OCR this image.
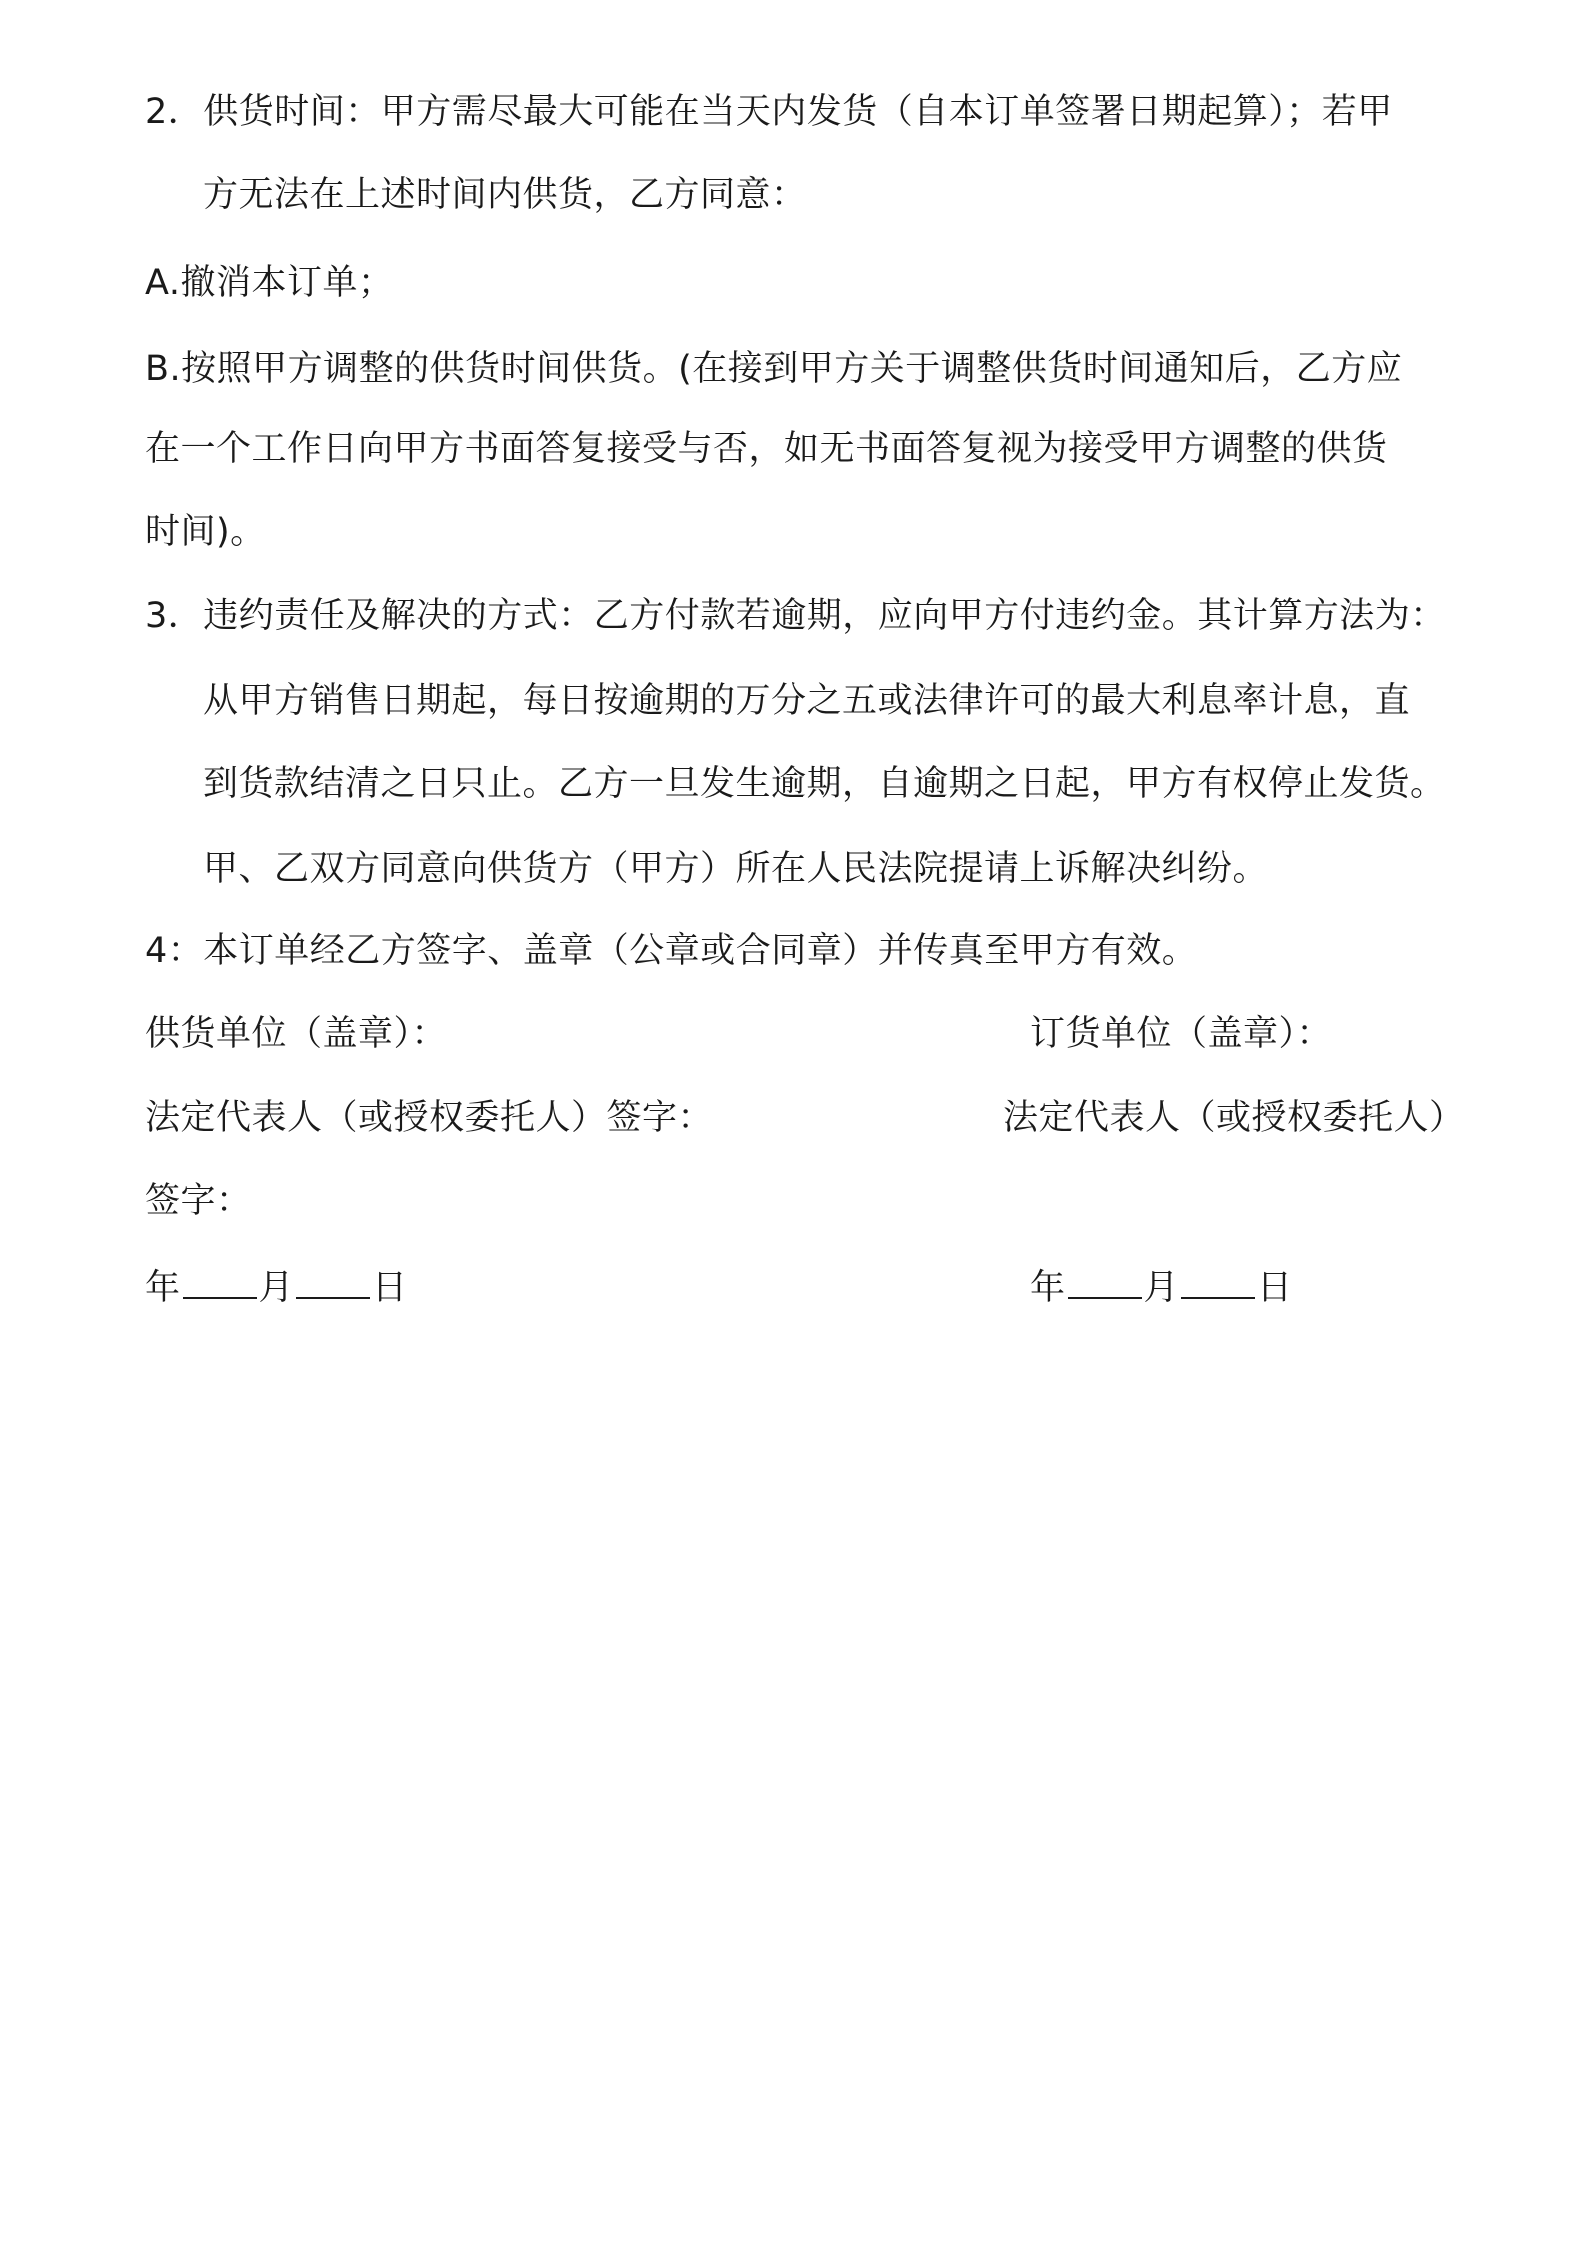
2．供货时间：甲方需尽最大可能在当天内发货（自本订单签署日期起算）；若甲
方无法在上述时间内供货，乙方同意：
A.撤消本订单；
B.按照甲方调整的供货时间供货。(在接到甲方关于调整供货时间通知后，乙方应
在一个工作日向甲方书面答复接受与否，如无书面答复视为接受甲方调整的供货
时间)。
3．违约责任及解决的方式：乙方付款若逾期，应向甲方付违约金。其计算方法为：
从甲方销售日期起，每日按逾期的万分之五或法律许可的最大利息率计息，直
到货款结清之日只止。乙方一旦发生逾期，自逾期之日起，甲方有权停止发货。
甲、乙双方同意向供货方（甲方）所在人民法院提请上诉解决纠纷。
4：本订单经乙方签字、盖章（公章或合同章）并传真至甲方有效。
供货单位（盖章）：	订货单位（盖章）：
法定代表人（或授权委托人）签字：	法定代表人（或授权委托人）
签字：
年 月 日	年 月 日
